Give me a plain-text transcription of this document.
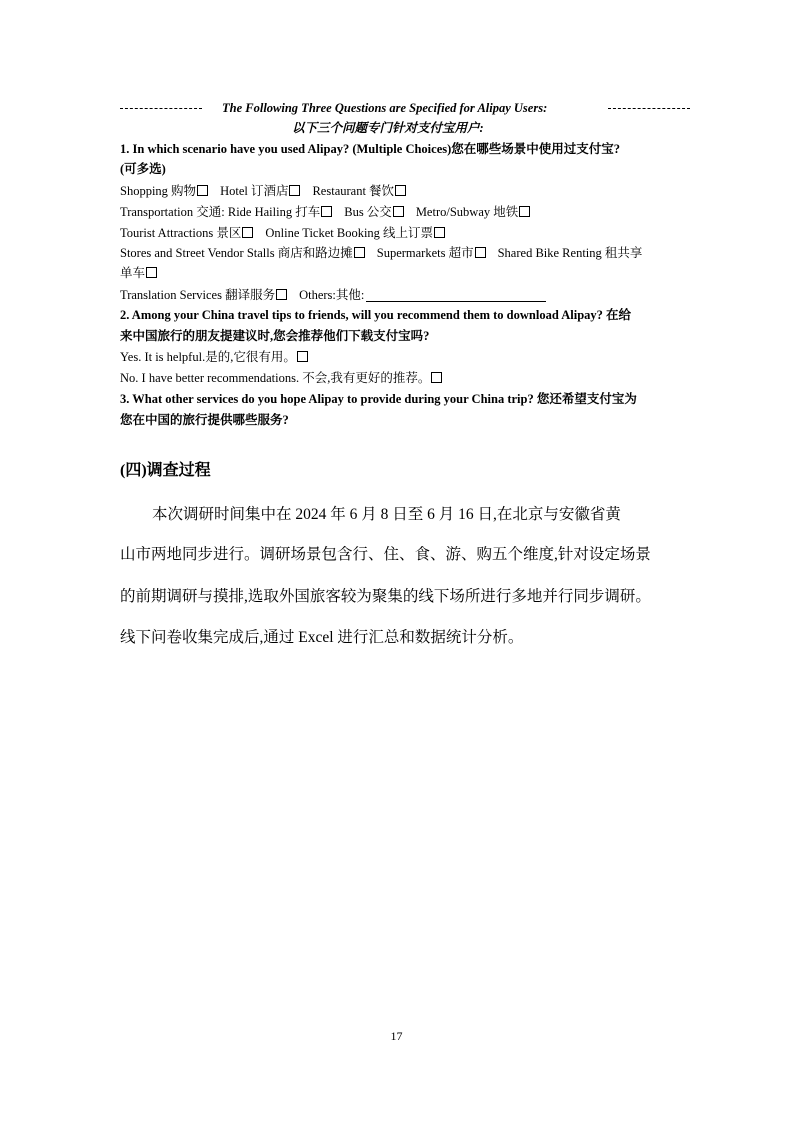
The Following Three Questions are Specified for Alipay Users:
以下三个问题专门针对支付宝用户:
1. In which scenario have you used Alipay? (Multiple Choices)您在哪些场景中使用过支付宝?
(可多选)
Shopping 购物 Hotel 订酒店 Restaurant 餐饮
Transportation 交通: Ride Hailing 打车 Bus 公交 Metro/Subway 地铁
Tourist Attractions 景区 Online Ticket Booking 线上订票
Stores and Street Vendor Stalls 商店和路边摊 Supermarkets 超市 Shared Bike Renting 租共享
单车
Translation Services 翻译服务 Others:其他:
2. Among your China travel tips to friends, will you recommend them to download Alipay? 在给
来中国旅行的朋友提建议时,您会推荐他们下载支付宝吗?
Yes. It is helpful.是的,它很有用。
No. I have better recommendations. 不会,我有更好的推荐。
3. What other services do you hope Alipay to provide during your China trip? 您还希望支付宝为
您在中国的旅行提供哪些服务?
(四)调查过程
本次调研时间集中在 2024 年 6 月 8 日至 6 月 16 日,在北京与安徽省黄
山市两地同步进行。调研场景包含行、住、食、游、购五个维度,针对设定场景
的前期调研与摸排,选取外国旅客较为聚集的线下场所进行多地并行同步调研。
线下问卷收集完成后,通过 Excel 进行汇总和数据统计分析。
17
